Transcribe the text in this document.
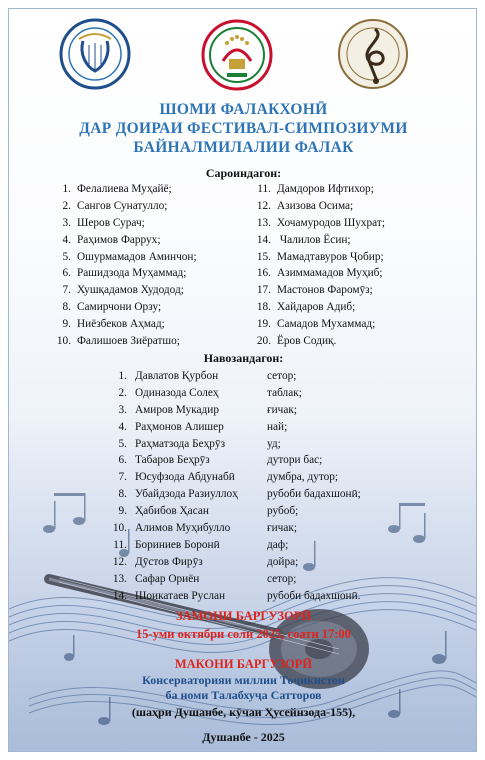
ШОМИ ФАЛАКХОНӢ
ДАР ДОИРАИ ФЕСТИВАЛ-СИМПОЗИУМИ
БАЙНАЛМИЛАЛИИ ФАЛАК
Сароиндагон:
1. Фелалиева Муҳайё;
2. Сангов Сунатулло;
3. Шеров Сурач;
4. Раҳимов Фаррух;
5. Ошурмамадов Аминчон;
6. Рашидзода Муҳаммад;
7. Хушқадамов Худодод;
8. Самирчони Орзу;
9. Ниёзбеков Аҳмад;
10. Фалишоев Зиёратшо;
11. Дамдоров Ифтихор;
12. Азизова Осима;
13. Хочамуродов Шухрат;
14. Чалилов Ёсин;
15. Мамадтавуров Ҷобир;
16. Азиммамадов Муҳиб;
17. Мастонов Фаромӯз;
18. Хайдаров Адиб;
19. Самадов Мухаммад;
20. Ёров Содиқ.
Навозандагон:
1. Давлатов Қурбон	сетор;
2. Одиназода Солеҳ	таблак;
3. Амиров Мукадир	ғичак;
4. Раҳмонов Алишер	най;
5. Раҳматзода Беҳрӯз	уд;
6. Табаров Беҳрӯз	дутори бас;
7. Юсуфзода Абдунабӣ	думбра, дутор;
8. Убайдзода Разиуллоҳ	рубоби бадахшонӣ;
9. Ҳабибов Ҳасан	рубоб;
10. Алимов Муҳибулло	ғичак;
11. Бориниев Боронӣ	даф;
12. Дӯстов Фирӯз	дойра;
13. Сафар Ориён	сетор;
14. Шоикатаев Руслан	рубоби бадахшонӣ.
ЗАМОНИ БАРГУЗОРӢ
15-уми октябри соли 2025, соати 17:00
МАКОНИ БАРГУЗОРӢ
Консерваторияи миллии Тоҷикистон
ба номи Талабхуҷа Сатторов
(шаҳри Душанбе, кӯчаи Ҳусейнзода-155),
Душанбе - 2025
